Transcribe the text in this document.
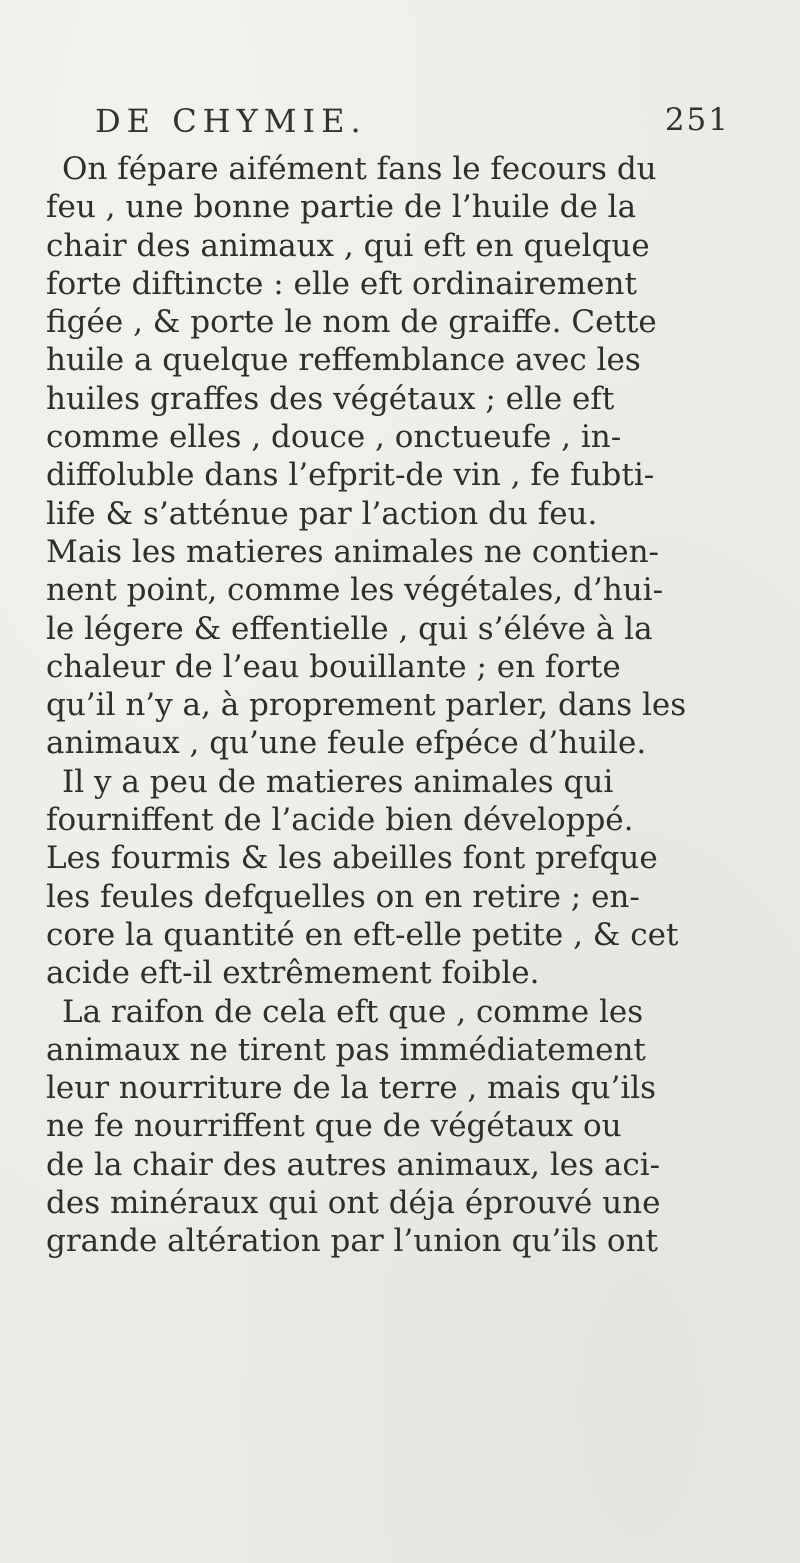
DE CHYMIE.	251
On fépare aifément fans le fecours du
feu , une bonne partie de l’huile de la
chair des animaux , qui eft en quelque
forte diftincte : elle eft ordinairement
figée , & porte le nom de graiffe. Cette
huile a quelque reffemblance avec les
huiles graffes des végétaux ; elle eft
comme elles , douce , onctueufe , in-
diffoluble dans l’efprit-de vin , fe fubti-
life & s’atténue par l’action du feu.
Mais les matieres animales ne contien-
nent point, comme les végétales, d’hui-
le légere & effentielle , qui s’éléve à la
chaleur de l’eau bouillante ; en forte
qu’il n’y a, à proprement parler, dans les
animaux , qu’une feule efpéce d’huile.
Il y a peu de matieres animales qui
fourniffent de l’acide bien développé.
Les fourmis & les abeilles font prefque
les feules defquelles on en retire ; en-
core la quantité en eft-elle petite , & cet
acide eft-il extrêmement foible.
La raifon de cela eft que , comme les
animaux ne tirent pas immédiatement
leur nourriture de la terre , mais qu’ils
ne fe nourriffent que de végétaux ou
de la chair des autres animaux, les aci-
des minéraux qui ont déja éprouvé une
grande altération par l’union qu’ils ont
